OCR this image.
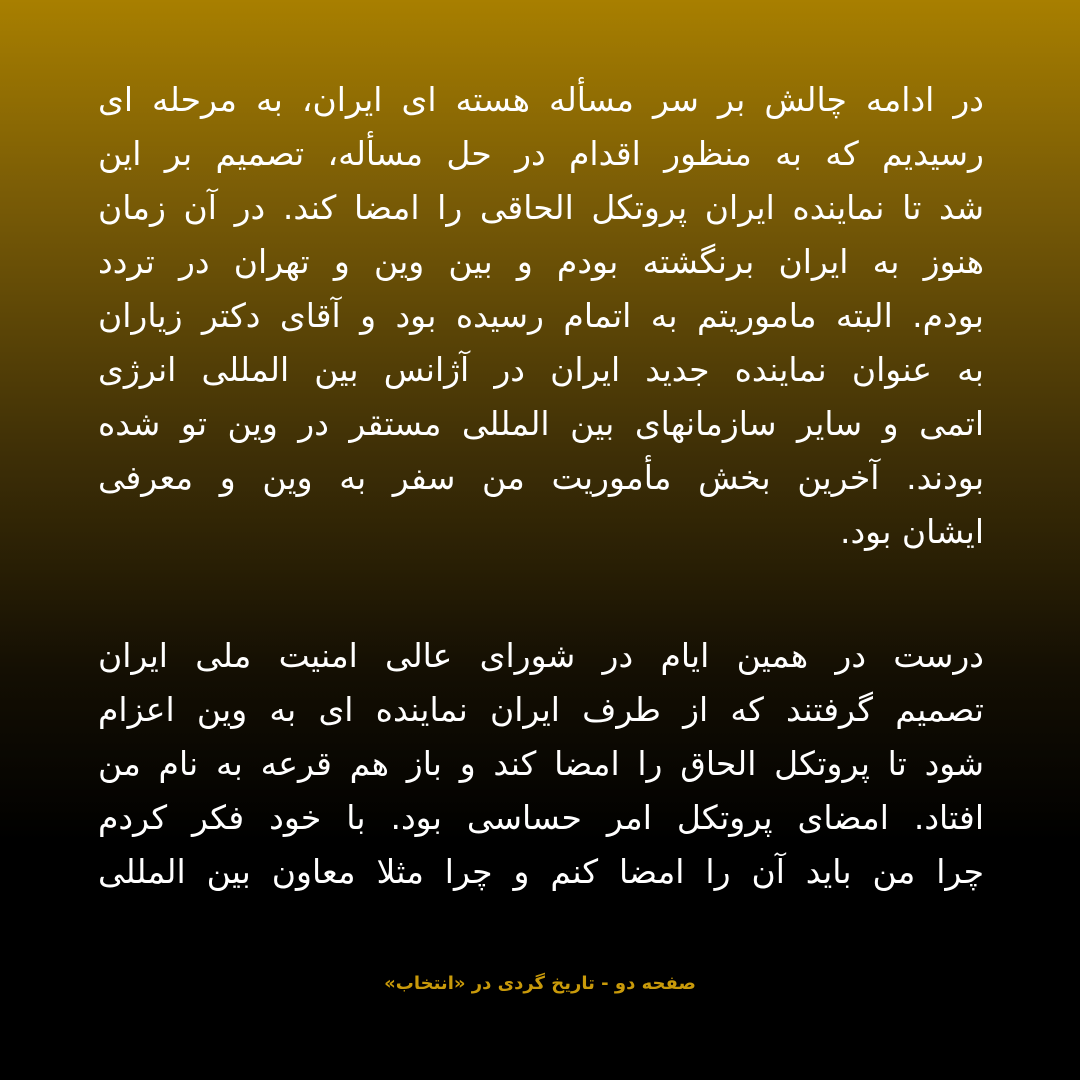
در ادامه چالش بر سر مسأله هسته ای ایران، به مرحله ای
رسیدیم که به منظور اقدام در حل مسأله، تصمیم بر این
شد تا نماینده ایران پروتکل الحاقی را امضا کند. در آن زمان
هنوز به ایران برنگشته بودم و بین وین و تهران در تردد
بودم. البته ماموریتم به اتمام رسیده بود و آقای دکتر زیاران
به عنوان نماینده جدید ایران در آژانس بین المللی انرژی
اتمی و سایر سازمانهای بین المللی مستقر در وین تو شده
بودند. آخرین بخش مأموریت من سفر به وین و معرفی
ایشان بود.
درست در همین ایام در شورای عالی امنیت ملی ایران
تصمیم گرفتند که از طرف ایران نماینده ای به وین اعزام
شود تا پروتکل الحاق را امضا کند و باز هم قرعه به نام من
افتاد. امضای پروتکل امر حساسی بود. با خود فکر کردم
چرا من باید آن را امضا کنم و چرا مثلا معاون بین المللی
صفحه دو - تاریخ گردی در «انتخاب»
